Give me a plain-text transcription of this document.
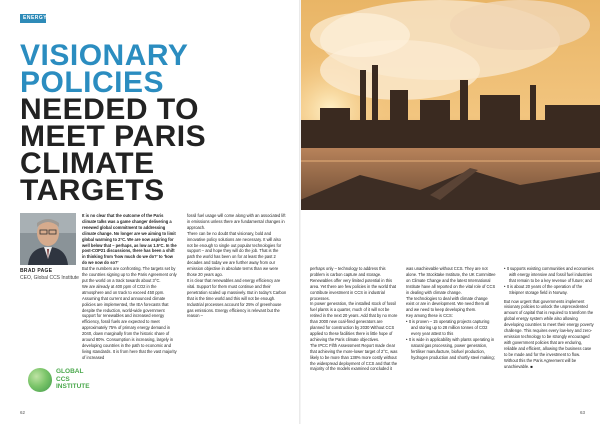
ENERGY
VISIONARY
POLICIES
NEEDED TO
MEET PARIS
CLIMATE
TARGETS
BRAD PAGE
CEO, Global CCS Institute
GLOBAL
CCS
INSTITUTE

It is no clear that the outcome of the Paris climate talks was a game changer delivering a renewed global commitment to addressing climate change. No longer are we aiming to limit global warming to 2°C. We are now aspiring for well below that – perhaps, as low as 1.5°C. In the post-COP21 discussions, there has been a shift in thinking from 'how much do we do?' to 'how do we now do so?'

But the numbers are confronting. The targets set by the countries signing up to the Paris Agreement only put the world on a track towards about 3°C.

We are already at 400 ppm of CO2 in the atmosphere and on track to exceed 450 ppm.

Assuming that current and announced climate policies are implemented, the IEA forecasts that despite the reduction, world-wide government support for renewables and increased energy efficiency, fossil fuels are expected to meet approximately 75% of primary energy demand in 2040, down marginally from the historic share of around 80%. Consumption is increasing, largely in developing countries in the path to economic and living standards. It is from here that the vast majority of increased

fossil fuel usage will come along with an associated lift in emissions unless there are fundamental changes in approach.

There can be no doubt that visionary, bold and innovative policy solutions are necessary. It will also not be enough to single out popular technologies for support – and hope they will do the job. That is the path the world has been on for at least the past 2 decades and today we are further away from our emission objective in absolute terms than we were those 20 years ago.

It is clear that renewables and energy efficiency are vital. Support for them must continue and their penetration scaled up massively. But in today's Carbon that is the time world and this will not be enough.

Industrial processes account for 25% of greenhouse gas emissions. Energy efficiency is relevant but the reason –

62

perhaps only – technology to address this problem is carbon capture and storage. Renewables offer very limited potential in this area. Yet there are few policies in the world that contribute investment in CCS in industrial processes.

In power generation, the installed stock of fossil fuel plants is a quarter, much of it will not be retired in the next 20 years. Add that by no more than 2000 new coal-fired generators are planned for construction by 2030 Without CCS applied to these facilities there is little hope of achieving the Paris climate objectives.

The IPCC Fifth Assessment Report made clear that achieving the more-lower target of 2°C, was likely to be more than 138% more costly without the widespread deployment of CCS and that the majority of the models examined concluded it

was unachievable without CCS. They are not alone. The Stocktake Institute, the UK Committee on Climate Change and the latest International Institute have all reported on the vital role of CCS in dealing with climate change.

The technologies to deal with climate change exist or are in development. We need them all and we need to keep developing them.

Key among these is CCS:

• It is proven – 15 operating projects capturing and storing up to 28 million tonnes of CO2 every year attest to this
• It is wide in applicability with plants operating in natural gas processing, power generation, fertiliser manufacture, biofuel production, hydrogen production and shortly steel making;
• It supports existing communities and economies with energy intensive and fossil fuel industries that remain to be a key revenue of future; and
• It is about 20 years of the operation of the Sleipner storage field in Norway.

But now urgent that governments implement visionary policies to unlock the unprecedented amount of capital that is required to transform the global energy system while also allowing developing countries to meet their energy poverty challenge. This requires every low-key and zero-emission technology to be strongly encouraged with government policies that are enduring, reliable and efficient, allowing the business case to be made and for the investment to flow. Without this the Paris Agreement will be unachievable. ■

63
